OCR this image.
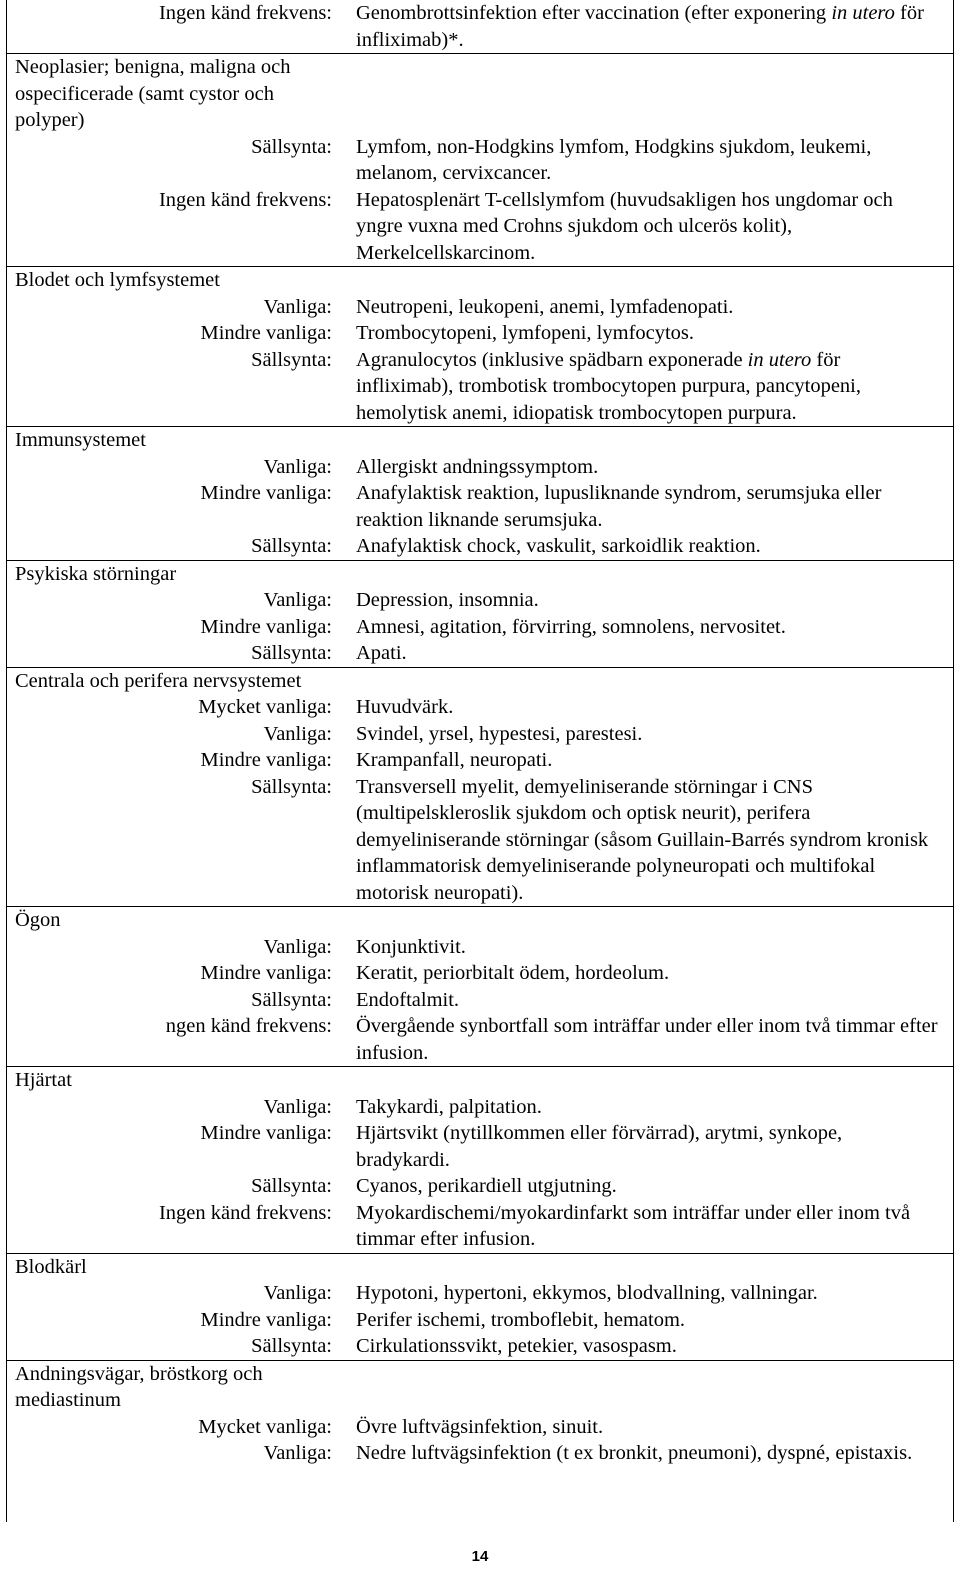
Ingen känd frekvens:	Genombrottsinfektion efter vaccination (efter exponering in utero för infliximab)*.
Neoplasier; benigna, maligna och ospecificerade (samt cystor och polyper)
Sällsynta:	Lymfom, non-Hodgkins lymfom, Hodgkins sjukdom, leukemi, melanom, cervixcancer.
Ingen känd frekvens:	Hepatosplenärt T-cellslymfom (huvudsakligen hos ungdomar och yngre vuxna med Crohns sjukdom och ulcerös kolit), Merkelcellskarcinom.
Blodet och lymfsystemet
Vanliga:	Neutropeni, leukopeni, anemi, lymfadenopati.
Mindre vanliga:	Trombocytopeni, lymfopeni, lymfocytos.
Sällsynta:	Agranulocytos (inklusive spädbarn exponerade in utero för infliximab), trombotisk trombocytopen purpura, pancytopeni, hemolytisk anemi, idiopatisk trombocytopen purpura.
Immunsystemet
Vanliga:	Allergiskt andningssymptom.
Mindre vanliga:	Anafylaktisk reaktion, lupusliknande syndrom, serumsjuka eller reaktion liknande serumsjuka.
Sällsynta:	Anafylaktisk chock, vaskulit, sarkoidlik reaktion.
Psykiska störningar
Vanliga:	Depression, insomnia.
Mindre vanliga:	Amnesi, agitation, förvirring, somnolens, nervositet.
Sällsynta:	Apati.
Centrala och perifera nervsystemet
Mycket vanliga:	Huvudvärk.
Vanliga:	Svindel, yrsel, hypestesi, parestesi.
Mindre vanliga:	Krampanfall, neuropati.
Sällsynta:	Transversell myelit, demyeliniserande störningar i CNS (multipelskleroslik sjukdom och optisk neurit), perifera demyeliniserande störningar (såsom Guillain-Barrés syndrom kronisk inflammatorisk demyeliniserande polyneuropati och multifokal motorisk neuropati).
Ögon
Vanliga:	Konjunktivit.
Mindre vanliga:	Keratit, periorbitalt ödem, hordeolum.
Sällsynta:	Endoftalmit.
ngen känd frekvens:	Övergående synbortfall som inträffar under eller inom två timmar efter infusion.
Hjärtat
Vanliga:	Takykardi, palpitation.
Mindre vanliga:	Hjärtsvikt (nytillkommen eller förvärrad), arytmi, synkope, bradykardi.
Sällsynta:	Cyanos, perikardiell utgjutning.
Ingen känd frekvens:	Myokardischemi/myokardinfarkt som inträffar under eller inom två timmar efter infusion.
Blodkärl
Vanliga:	Hypotoni, hypertoni, ekkymos, blodvallning, vallningar.
Mindre vanliga:	Perifer ischemi, tromboflebit, hematom.
Sällsynta:	Cirkulationssvikt, petekier, vasospasm.
Andningsvägar, bröstkorg och mediastinum
Mycket vanliga:	Övre luftvägsinfektion, sinuit.
Vanliga:	Nedre luftvägsinfektion (t ex bronkit, pneumoni), dyspné, epistaxis.
14
